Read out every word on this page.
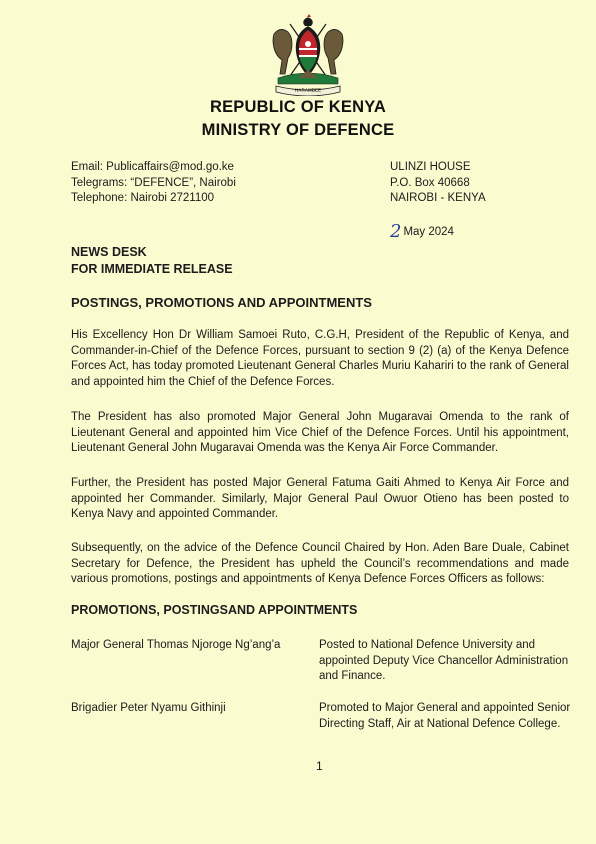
HARAMBEE
REPUBLIC OF KENYA
MINISTRY OF DEFENCE
Email: Publicaffairs@mod.go.ke
Telegrams: “DEFENCE”, Nairobi
Telephone: Nairobi 2721100
ULINZI HOUSE
P.O. Box 40668
NAIROBI - KENYA
2 May 2024
NEWS DESK
FOR IMMEDIATE RELEASE
POSTINGS, PROMOTIONS AND APPOINTMENTS

His Excellency Hon Dr William Samoei Ruto, C.G.H, President of the Republic of Kenya, and Commander-in-Chief of the Defence Forces, pursuant to section 9 (2) (a) of the Kenya Defence Forces Act, has today promoted Lieutenant General Charles Muriu Kahariri to the rank of General and appointed him the Chief of the Defence Forces.

The President has also promoted Major General John Mugaravai Omenda to the rank of Lieutenant General and appointed him Vice Chief of the Defence Forces. Until his appointment, Lieutenant General John Mugaravai Omenda was the Kenya Air Force Commander.

Further, the President has posted Major General Fatuma Gaiti Ahmed to Kenya Air Force and appointed her Commander. Similarly, Major General Paul Owuor Otieno has been posted to Kenya Navy and appointed Commander.

Subsequently, on the advice of the Defence Council Chaired by Hon. Aden Bare Duale, Cabinet Secretary for Defence, the President has upheld the Council’s recommendations and made various promotions, postings and appointments of Kenya Defence Forces Officers as follows:

PROMOTIONS, POSTINGSAND APPOINTMENTS
Major General Thomas Njoroge Ng’ang’a	Posted to National Defence University and appointed Deputy Vice Chancellor Administration and Finance.
Brigadier Peter Nyamu Githinji	Promoted to Major General and appointed Senior Directing Staff, Air at National Defence College.
1
